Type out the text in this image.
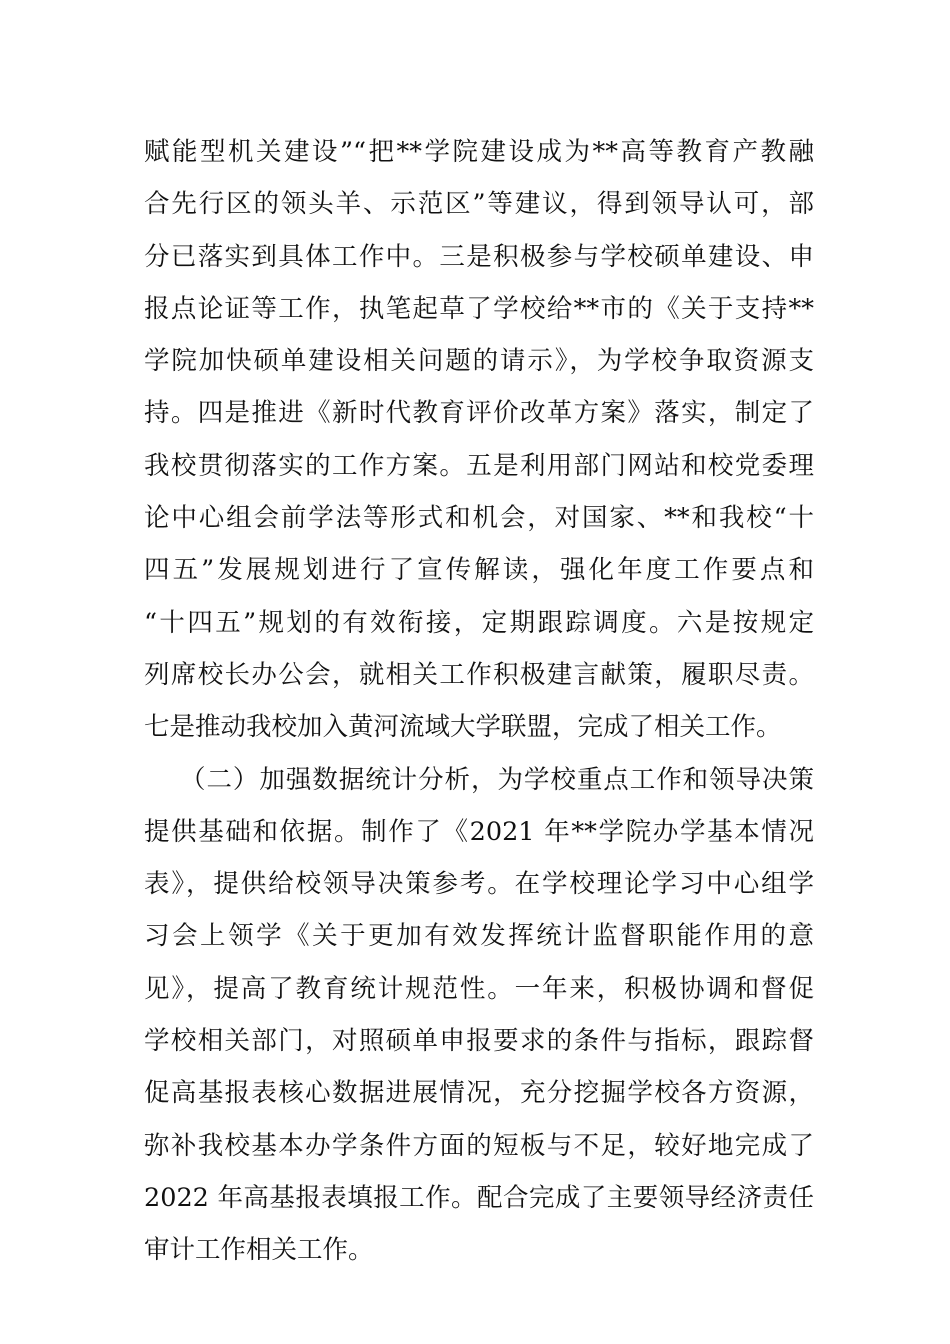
赋能型机关建设”“把**学院建设成为**高等教育产教融
合先行区的领头羊、示范区”等建议，得到领导认可，部
分已落实到具体工作中。三是积极参与学校硕单建设、申
报点论证等工作，执笔起草了学校给**市的《关于支持**
学院加快硕单建设相关问题的请示》，为学校争取资源支
持。四是推进《新时代教育评价改革方案》落实，制定了
我校贯彻落实的工作方案。五是利用部门网站和校党委理
论中心组会前学法等形式和机会，对国家、**和我校“十
四五”发展规划进行了宣传解读，强化年度工作要点和
“十四五”规划的有效衔接，定期跟踪调度。六是按规定
列席校长办公会，就相关工作积极建言献策，履职尽责。
七是推动我校加入黄河流域大学联盟，完成了相关工作。
（二）加强数据统计分析，为学校重点工作和领导决策
提供基础和依据。制作了《2021 年**学院办学基本情况
表》，提供给校领导决策参考。在学校理论学习中心组学
习会上领学《关于更加有效发挥统计监督职能作用的意
见》，提高了教育统计规范性。一年来，积极协调和督促
学校相关部门，对照硕单申报要求的条件与指标，跟踪督
促高基报表核心数据进展情况，充分挖掘学校各方资源，
弥补我校基本办学条件方面的短板与不足，较好地完成了
2022 年高基报表填报工作。配合完成了主要领导经济责任
审计工作相关工作。
